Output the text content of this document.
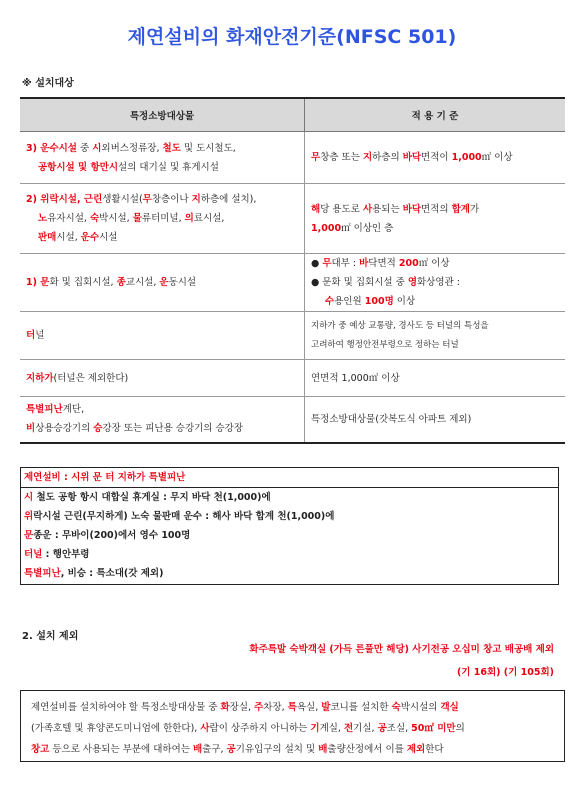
제연설비의 화재안전기준(NFSC 501)
※ 설치대상
특정소방대상물	적 용 기 준

3) 운수시설 중 시외버스정류장, 철도 및 도시철도,
공항시설 및 항만시설의 대기실 및 휴게시설	무창층 또는 지하층의 바닥면적이 1,000㎡ 이상

2) 위락시설, 근린생활시설(무창층이나 지하층에 설치),
노유자시설, 숙박시설, 물류터미널, 의료시설,
판매시설, 운수시설	해당 용도로 사용되는 바닥면적의 합계가
1,000㎡ 이상인 층

1) 문화 및 집회시설, 종교시설, 운동시설	● 무대부 : 바닥면적 200㎡ 이상
● 문화 및 집회시설 중 영화상영관 :
수용인원 100명 이상

터널	지하가 중 예상 교통량, 경사도 등 터널의 특성을
고려하여 행정안전부령으로 정하는 터널

지하가(터널은 제외한다)	연면적 1,000㎡ 이상

특별피난계단,
비상용승강기의 승강장 또는 피난용 승강기의 승강장	특정소방대상물(갓복도식 아파트 제외)
제연설비 : 시위 문 터 지하가 특별피난
시 철도 공항 항시 대합실 휴게실 : 무지 바닥 천(1,000)에
위락시설 근린(무지하게) 노숙 물판매 운수 : 해사 바닥 합계 천(1,000)에
문종운 : 무바이(200)에서 영수 100명
터널 : 행안부령
특별피난, 비승 : 특소대(갓 제외)
2. 설치 제외
화주특발 숙박객실 (가득 른풀만 해당) 사기전공 오십미 창고 배공배 제외
(기 16회) (기 105회)
제연설비를 설치하여야 할 특정소방대상물 중 화장실, 주차장, 특욕실, 발코니를 설치한 숙박시설의 객실
(가족호텔 및 휴양콘도미니엄에 한한다), 사람이 상주하지 아니하는 기계실, 전기실, 공조실, 50㎡ 미만의
창고 등으로 사용되는 부분에 대하여는 배출구, 공기유입구의 설치 및 배출량산정에서 이를 제외한다
